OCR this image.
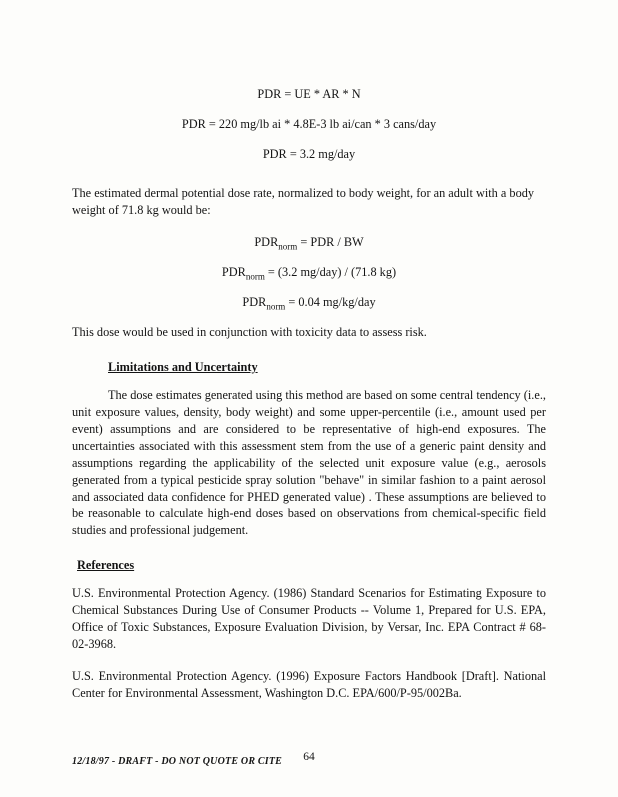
PDR = UE * AR * N
PDR = 220 mg/lb ai * 4.8E-3 lb ai/can * 3 cans/day
PDR = 3.2 mg/day

The estimated dermal potential dose rate, normalized to body weight, for an adult with a body weight of 71.8 kg would be:

$PDR_{norm}$ = PDR / BW
$PDR_{norm} = (3.2$ mg/day) / (71.8 kg)
$PDR_{norm} = 0.04$ mg/kg/day

This dose would be used in conjunction with toxicity data to assess risk.

Limitations and Uncertainty

The dose estimates generated using this method are based on some central tendency (i.e., unit exposure values, density, body weight) and some upper-percentile (i.e., amount used per event) assumptions and are considered to be representative of high-end exposures. The uncertainties associated with this assessment stem from the use of a generic paint density and assumptions regarding the applicability of the selected unit exposure value (e.g., aerosols generated from a typical pesticide spray solution "behave" in similar fashion to a paint aerosol and associated data confidence for PHED generated value) . These assumptions are believed to be reasonable to calculate high-end doses based on observations from chemical-specific field studies and professional judgement.

References

U.S. Environmental Protection Agency. (1986) Standard Scenarios for Estimating Exposure to Chemical Substances During Use of Consumer Products -- Volume 1, Prepared for U.S. EPA, Office of Toxic Substances, Exposure Evaluation Division, by Versar, Inc. EPA Contract # 68-02-3968.

U.S. Environmental Protection Agency. (1996) Exposure Factors Handbook [Draft]. National Center for Environmental Assessment, Washington D.C. EPA/600/P-95/002Ba.

12/18/97 - DRAFT - DO NOT QUOTE OR CITE	64
